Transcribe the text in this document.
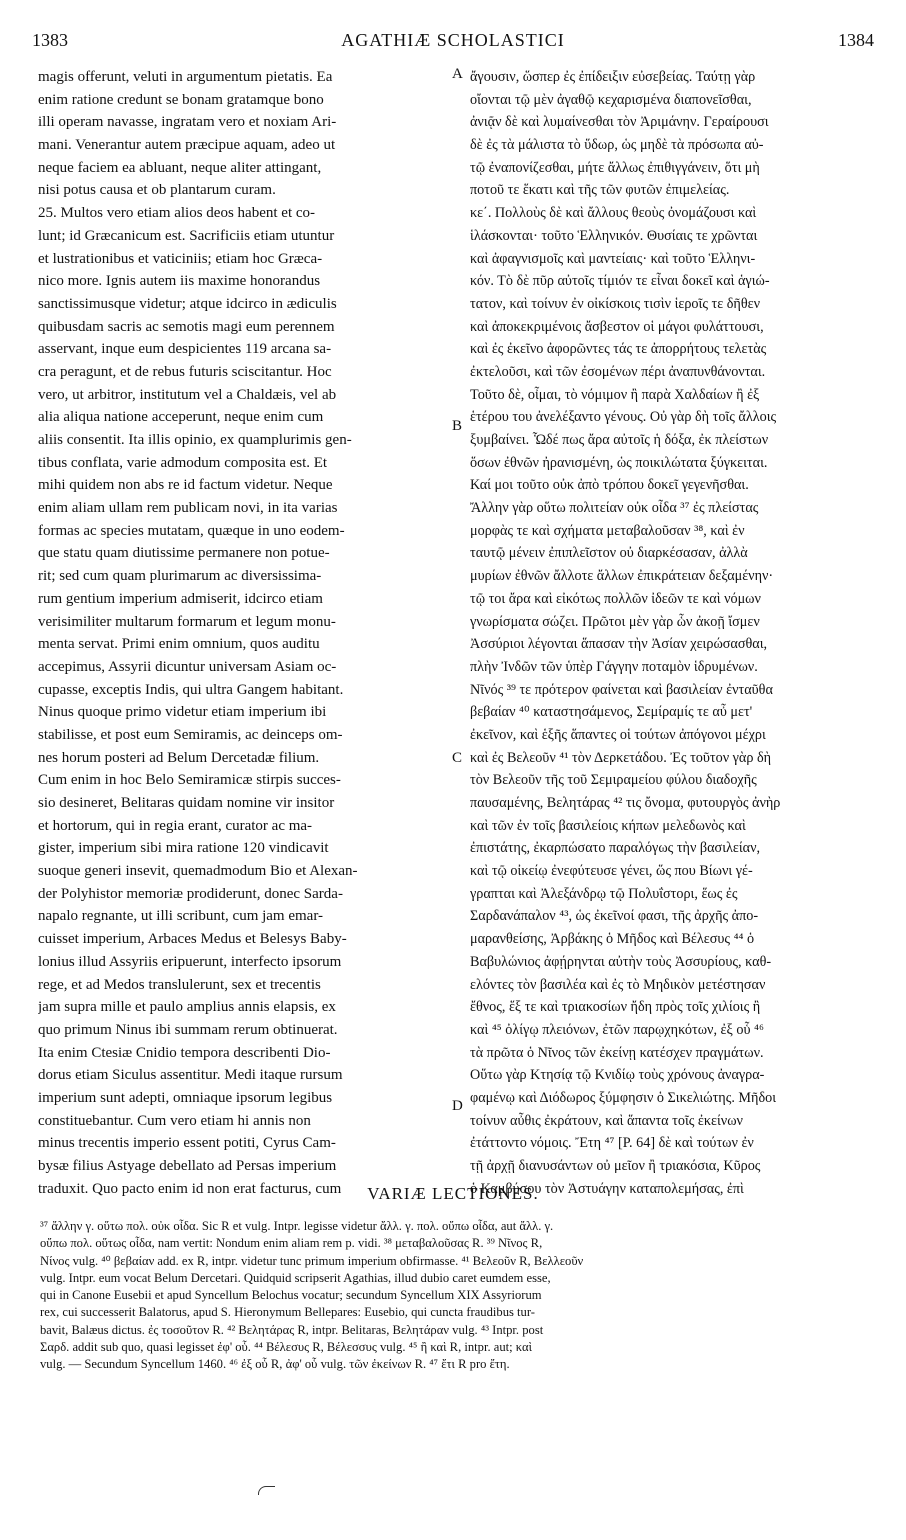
1383	AGATHIÆ SCHOLASTICI	1384
magis offerunt, veluti in argumentum pietatis. Ea
enim ratione credunt se bonam gratamque bono
illi operam navasse, ingratam vero et noxiam Ari-
mani. Venerantur autem præcipue aquam, adeo ut
neque faciem ea abluant, neque aliter attingant,
nisi potus causa et ob plantarum curam.
25. Multos vero etiam alios deos habent et co-
lunt; id Græcanicum est. Sacrificiis etiam utuntur
et lustrationibus et vaticiniis; etiam hoc Græca-
nico more. Ignis autem iis maxime honorandus
sanctissimusque videtur; atque idcirco in ædiculis
quibusdam sacris ac semotis magi eum perennem
asservant, inque eum despicientes 119 arcana sa-
cra peragunt, et de rebus futuris sciscitantur. Hoc
vero, ut arbitror, institutum vel a Chaldæis, vel ab
alia aliqua natione acceperunt, neque enim cum
aliis consentit. Ita illis opinio, ex quamplurimis gen-
tibus conflata, varie admodum composita est. Et
mihi quidem non abs re id factum videtur. Neque
enim aliam ullam rem publicam novi, in ita varias
formas ac species mutatam, quæque in uno eodem-
que statu quam diutissime permanere non potue-
rit; sed cum quam plurimarum ac diversissima-
rum gentium imperium admiserit, idcirco etiam
verisimiliter multarum formarum et legum monu-
menta servat. Primi enim omnium, quos auditu
accepimus, Assyrii dicuntur universam Asiam oc-
cupasse, exceptis Indis, qui ultra Gangem habitant.
Ninus quoque primo videtur etiam imperium ibi
stabilisse, et post eum Semiramis, ac deinceps om-
nes horum posteri ad Belum Dercetadæ filium.
Cum enim in hoc Belo Semiramicæ stirpis succes-
sio desineret, Belitaras quidam nomine vir insitor
et hortorum, qui in regia erant, curator ac ma-
gister, imperium sibi mira ratione 120 vindicavit
suoque generi insevit, quemadmodum Bio et Alexan-
der Polyhistor memoriæ prodiderunt, donec Sarda-
napalo regnante, ut illi scribunt, cum jam emar-
cuisset imperium, Arbaces Medus et Belesys Baby-
lonius illud Assyriis eripuerunt, interfecto ipsorum
rege, et ad Medos translulerunt, sex et trecentis
jam supra mille et paulo amplius annis elapsis, ex
quo primum Ninus ibi summam rerum obtinuerat.
Ita enim Ctesiæ Cnidio tempora describenti Dio-
dorus etiam Siculus assentitur. Medi itaque rursum
imperium sunt adepti, omniaque ipsorum legibus
constituebantur. Cum vero etiam hi annis non
minus trecentis imperio essent potiti, Cyrus Cam-
bysæ filius Astyage debellato ad Persas imperium
traduxit. Quo pacto enim id non erat facturus, cum
ἄγουσιν, ὥσπερ ἐς ἐπίδειξιν εὐσεβείας. Ταύτῃ γὰρ
οἴονται τῷ μὲν ἀγαθῷ κεχαρισμένα διαπονεῖσθαι,
ἀνιᾷν δὲ καὶ λυμαίνεσθαι τὸν Ἀριμάνην. Γεραίρουσι
δὲ ἐς τὰ μάλιστα τὸ ὕδωρ, ὡς μηδὲ τὰ πρόσωπα αὐ-
τῷ ἐναπονίζεσθαι, μήτε ἄλλως ἐπιθιγγάνειν, ὅτι μὴ
ποτοῦ τε ἕκατι καὶ τῆς τῶν φυτῶν ἐπιμελείας.
κε΄. Πολλοὺς δὲ καὶ ἄλλους θεοὺς ὀνομάζουσι καὶ
ἱλάσκονται· τοῦτο Ἑλληνικόν. Θυσίαις τε χρῶνται
καὶ ἀφαγνισμοῖς καὶ μαντείαις· καὶ τοῦτο Ἑλληνι-
κόν. Τὸ δὲ πῦρ αὐτοῖς τίμιόν τε εἶναι δοκεῖ καὶ ἁγιώ-
τατον, καὶ τοίνυν ἐν οἰκίσκοις τισὶν ἱεροῖς τε δῆθεν
καὶ ἀποκεκριμένοις ἄσβεστον οἱ μάγοι φυλάττουσι,
καὶ ἐς ἐκεῖνο ἀφορῶντες τάς τε ἀπορρήτους τελετὰς
ἐκτελοῦσι, καὶ τῶν ἐσομένων πέρι ἀναπυνθάνονται.
Τοῦτο δὲ, οἶμαι, τὸ νόμιμον ἢ παρὰ Χαλδαίων ἢ ἐξ
ἑτέρου του ἀνελέξαντο γένους. Οὐ γὰρ δὴ τοῖς ἄλλοις
ξυμβαίνει. Ὧδέ πως ἄρα αὐτοῖς ἡ δόξα, ἐκ πλείστων
ὅσων ἐθνῶν ἠρανισμένη, ὡς ποικιλώτατα ξύγκειται.
Καί μοι τοῦτο οὐκ ἀπὸ τρόπου δοκεῖ γεγενῆσθαι.
Ἄλλην γὰρ οὕτω πολιτείαν οὐκ οἶδα ³⁷ ἐς πλείστας
μορφὰς τε καὶ σχήματα μεταβαλοῦσαν ³⁸, καὶ ἐν
ταυτῷ μένειν ἐπιπλεῖστον οὐ διαρκέσασαν, ἀλλὰ
μυρίων ἐθνῶν ἄλλοτε ἄλλων ἐπικράτειαν δεξαμένην·
τῷ τοι ἄρα καὶ εἰκότως πολλῶν ἰδεῶν τε καὶ νόμων
γνωρίσματα σώζει. Πρῶτοι μὲν γὰρ ὧν ἀκοῇ ἴσμεν
Ἀσσύριοι λέγονται ἅπασαν τὴν Ἀσίαν χειρώσασθαι,
πλὴν Ἰνδῶν τῶν ὑπὲρ Γάγγην ποταμὸν ἱδρυμένων.
Νῖνός ³⁹ τε πρότερον φαίνεται καὶ βασιλείαν ἐνταῦθα
βεβαίαν ⁴⁰ καταστησάμενος, Σεμίραμίς τε αὖ μετ'
ἐκεῖνον, καὶ ἑξῆς ἅπαντες οἱ τούτων ἀπόγονοι μέχρι
καὶ ἐς Βελεοῦν ⁴¹ τὸν Δερκετάδου. Ἐς τοῦτον γὰρ δὴ
τὸν Βελεοῦν τῆς τοῦ Σεμιραμείου φύλου διαδοχῆς
παυσαμένης, Βελητάρας ⁴² τις ὄνομα, φυτουργὸς ἀνὴρ
καὶ τῶν ἐν τοῖς βασιλείοις κήπων μελεδωνὸς καὶ
ἐπιστάτης, ἐκαρπώσατο παραλόγως τὴν βασιλείαν,
καὶ τῷ οἰκείῳ ἐνεφύτευσε γένει, ὥς που Βίωνι γέ-
γραπται καὶ Ἀλεξάνδρῳ τῷ Πολυΐστορι, ἕως ἐς
Σαρδανάπαλον ⁴³, ὡς ἐκεῖνοί φασι, τῆς ἀρχῆς ἀπο-
μαρανθείσης, Ἀρβάκης ὁ Μῆδος καὶ Βέλεσυς ⁴⁴ ὁ
Βαβυλώνιος ἀφῄρηνται αὐτὴν τοὺς Ἀσσυρίους, καθ-
ελόντες τὸν βασιλέα καὶ ἐς τὸ Μηδικὸν μετέστησαν
ἔθνος, ἕξ τε καὶ τριακοσίων ἤδη πρὸς τοῖς χιλίοις ἢ
καὶ ⁴⁵ ὀλίγῳ πλειόνων, ἐτῶν παρῳχηκότων, ἐξ οὗ ⁴⁶
τὰ πρῶτα ὁ Νῖνος τῶν ἐκείνῃ κατέσχεν πραγμάτων.
Οὕτω γὰρ Κτησίᾳ τῷ Κνιδίῳ τοὺς χρόνους ἀναγρα-
φαμένῳ καὶ Διόδωρος ξύμφησιν ὁ Σικελιώτης. Μῆδοι
τοίνυν αὖθις ἐκράτουν, καὶ ἅπαντα τοῖς ἐκείνων
ἐτάττοντο νόμοις. Ἔτη ⁴⁷ [P. 64] δὲ καὶ τούτων ἐν
τῇ ἀρχῇ διανυσάντων οὐ μεῖον ἢ τριακόσια, Κῦρος
ὁ Καμβύσου τὸν Ἀστυάγην καταπολεμήσας, ἐπὶ
A
B
C
D
VARIÆ LECTIONES.
³⁷ ἄλλην γ. οὕτω πολ. οὐκ οἶδα. Sic R et vulg. Intpr. legisse videtur ἄλλ. γ. πολ. οὔπω οἶδα, aut ἄλλ. γ.
οὔπω πολ. οὕτως οἶδα, nam vertit: Nondum enim aliam rem p. vidi. ³⁸ μεταβαλοῦσας R. ³⁹ Νῖνος R,
Νίνος vulg. ⁴⁰ βεβαίαν add. ex R, intpr. videtur tunc primum imperium obfirmasse. ⁴¹ Βελεοῦν R, Βελλεοῦν
vulg. Intpr. eum vocat Belum Dercetari. Quidquid scripserit Agathias, illud dubio caret eumdem esse,
qui in Canone Eusebii et apud Syncellum Belochus vocatur; secundum Syncellum XIX Assyriorum
rex, cui successerit Balatorus, apud S. Hieronymum Bellepares: Eusebio, qui cuncta fraudibus tur-
bavit, Balæus dictus. ἐς τοσοῦτον R. ⁴² Βελητάρας R, intpr. Belitaras, Βελητάραν vulg. ⁴³ Intpr. post
Σαρδ. addit sub quo, quasi legisset ἐφ' οὗ. ⁴⁴ Βέλεσυς R, Βέλεσσυς vulg. ⁴⁵ ἢ καὶ R, intpr. aut; καὶ
vulg. — Secundum Syncellum 1460. ⁴⁶ ἐξ οὗ R, ἀφ' οὗ vulg. τῶν ἐκείνων R. ⁴⁷ ἔτι R pro ἔτη.
